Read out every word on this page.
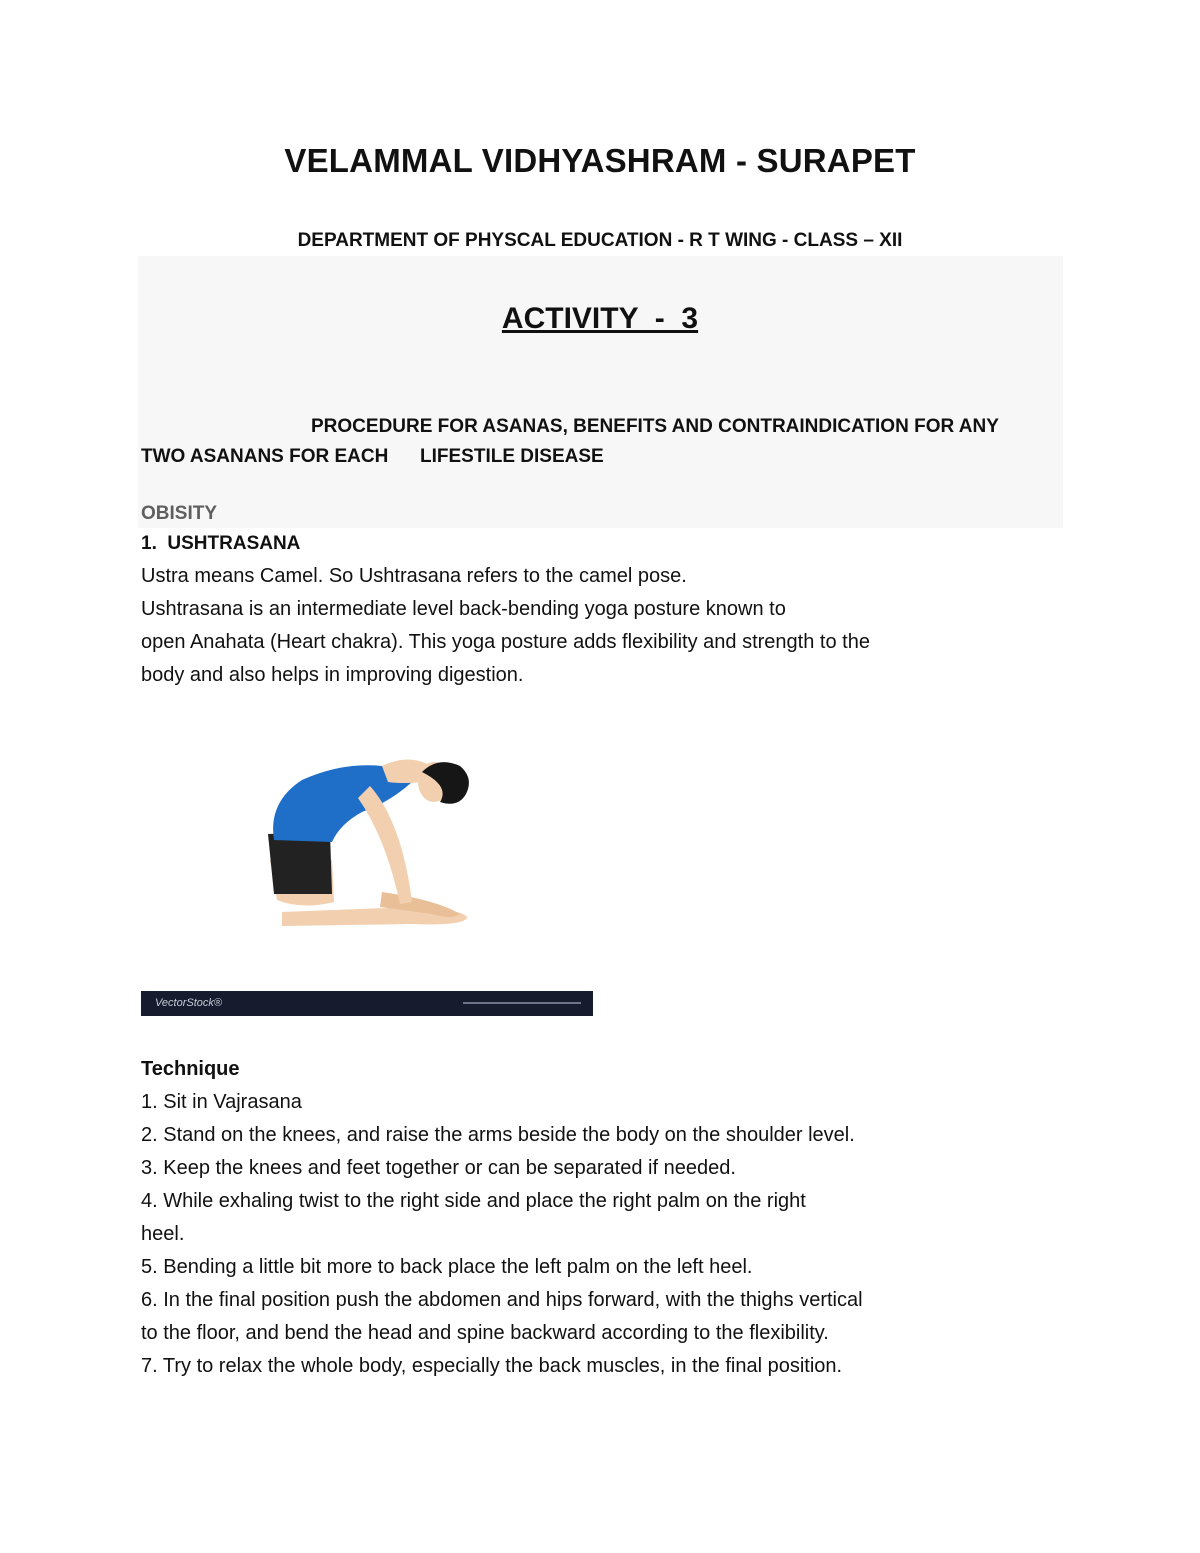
VELAMMAL VIDHYASHRAM - SURAPET
DEPARTMENT OF PHYSCAL EDUCATION - R T WING - CLASS – XII
ACTIVITY  -  3
PROCEDURE FOR ASANAS, BENEFITS AND CONTRAINDICATION FOR ANY
TWO ASANANS FOR EACH      LIFESTILE DISEASE
OBISITY
1.  USHTRASANA
Ustra means Camel. So Ushtrasana refers to the camel pose.
Ushtrasana is an intermediate level back-bending yoga posture known to
open Anahata (Heart chakra). This yoga posture adds flexibility and strength to the
body and also helps in improving digestion.
VectorStock®
Technique
1. Sit in Vajrasana
2. Stand on the knees, and raise the arms beside the body on the shoulder level.
3. Keep the knees and feet together or can be separated if needed.
4. While exhaling twist to the right side and place the right palm on the right
heel.
5. Bending a little bit more to back place the left palm on the left heel.
6. In the final position push the abdomen and hips forward, with the thighs vertical
to the floor, and bend the head and spine backward according to the flexibility.
7. Try to relax the whole body, especially the back muscles, in the final position.
